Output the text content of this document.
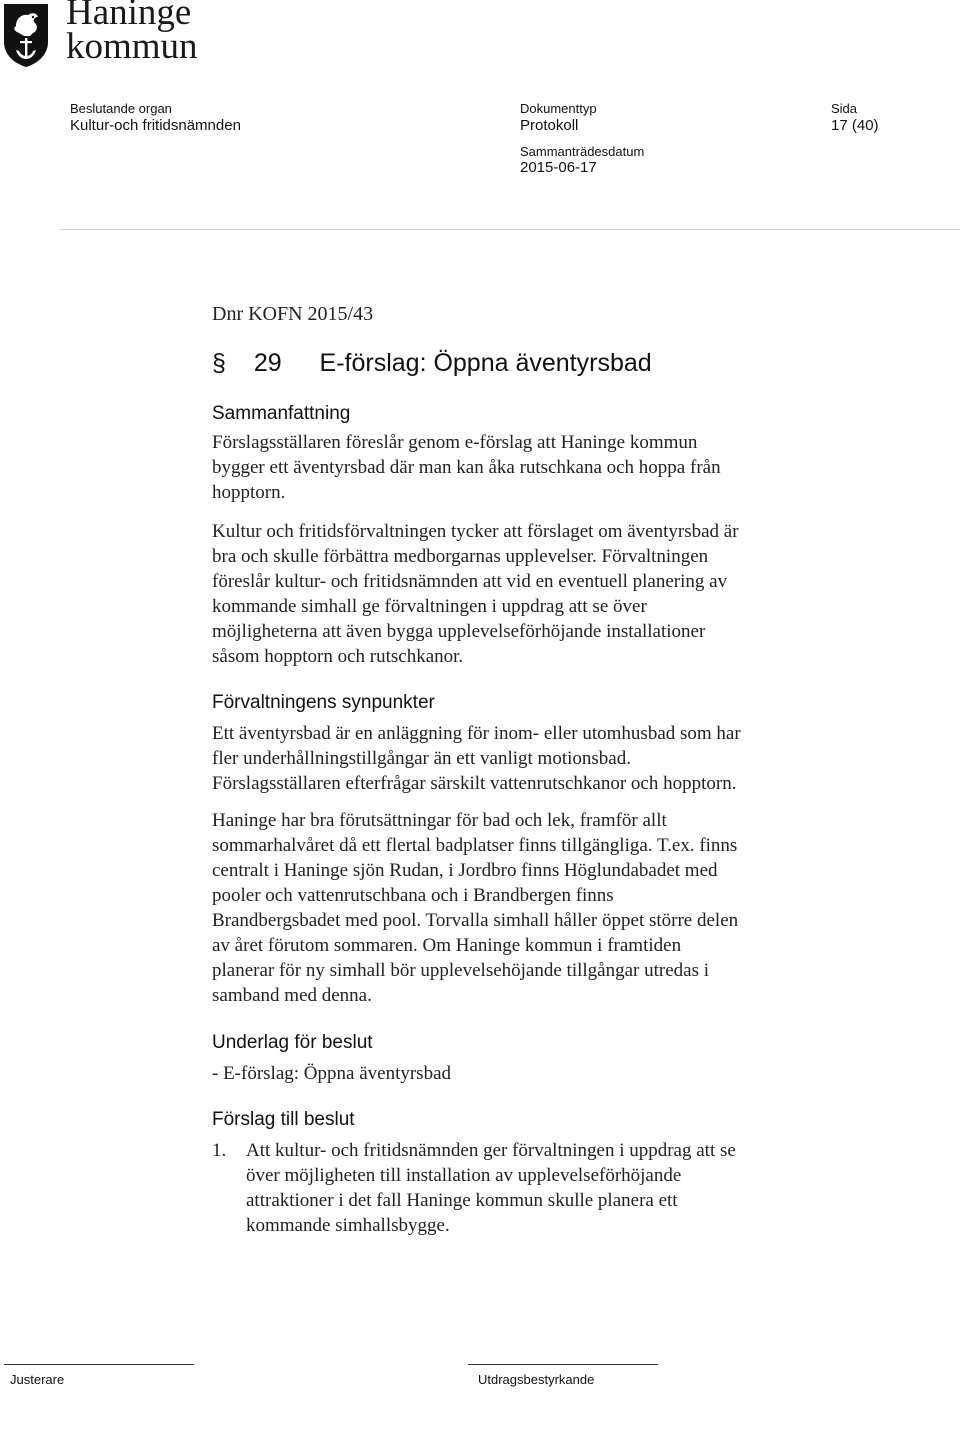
Haninge
kommun
Beslutande organ
Kultur-och fritidsnämnden
Dokumenttyp
Protokoll
Sida
17 (40)
Sammanträdesdatum
2015-06-17
Dnr KOFN 2015/43
§ 29 E-förslag: Öppna äventyrsbad
Sammanfattning
Förslagsställaren föreslår genom e-förslag att Haninge kommun
bygger ett äventyrsbad där man kan åka rutschkana och hoppa från
hopptorn.
Kultur och fritidsförvaltningen tycker att förslaget om äventyrsbad är
bra och skulle förbättra medborgarnas upplevelser. Förvaltningen
föreslår kultur- och fritidsnämnden att vid en eventuell planering av
kommande simhall ge förvaltningen i uppdrag att se över
möjligheterna att även bygga upplevelseförhöjande installationer
såsom hopptorn och rutschkanor.
Förvaltningens synpunkter
Ett äventyrsbad är en anläggning för inom- eller utomhusbad som har
fler underhållningstillgångar än ett vanligt motionsbad.
Förslagsställaren efterfrågar särskilt vattenrutschkanor och hopptorn.
Haninge har bra förutsättningar för bad och lek, framför allt
sommarhalvåret då ett flertal badplatser finns tillgängliga. T.ex. finns
centralt i Haninge sjön Rudan, i Jordbro finns Höglundabadet med
pooler och vattenrutschbana och i Brandbergen finns
Brandbergsbadet med pool. Torvalla simhall håller öppet större delen
av året förutom sommaren. Om Haninge kommun i framtiden
planerar för ny simhall bör upplevelsehöjande tillgångar utredas i
samband med denna.
Underlag för beslut
- E-förslag: Öppna äventyrsbad
Förslag till beslut
1. Att kultur- och fritidsnämnden ger förvaltningen i uppdrag att se
över möjligheten till installation av upplevelseförhöjande
attraktioner i det fall Haninge kommun skulle planera ett
kommande simhallsbygge.
Justerare	Utdragsbestyrkande
